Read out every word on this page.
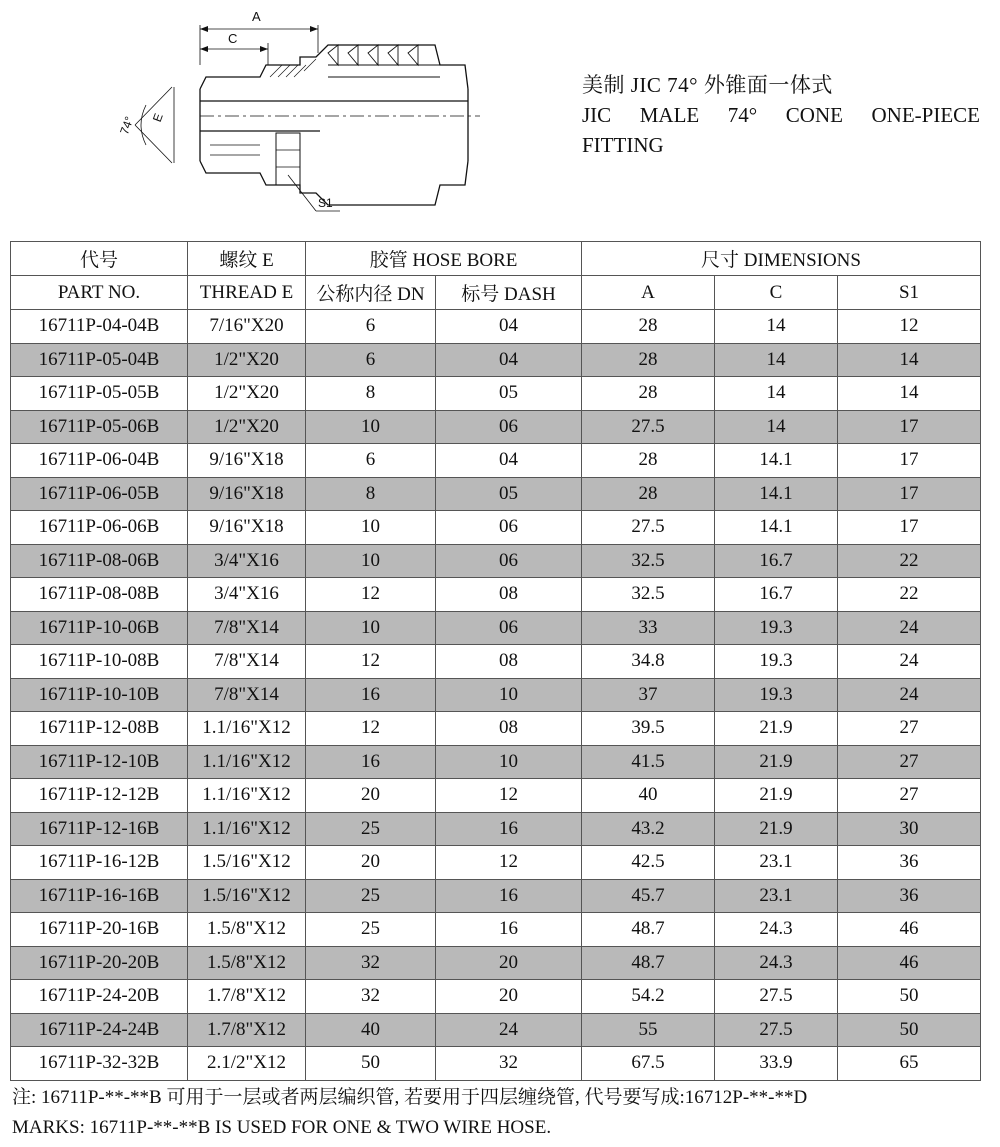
A
C
74° E
S1
美制 JIC 74° 外锥面一体式
JIC MALE 74° CONE ONE-PIECE
FITTING
代号	螺纹 E	胶管 HOSE BORE		尺寸 DIMENSIONS		
PART NO.	THREAD E	公称内径 DN	标号 DASH	A	C	S1
16711P-04-04B	7/16"X20	6	04	28	14	12
16711P-05-04B	1/2"X20	6	04	28	14	14
16711P-05-05B	1/2"X20	8	05	28	14	14
16711P-05-06B	1/2"X20	10	06	27.5	14	17
16711P-06-04B	9/16"X18	6	04	28	14.1	17
16711P-06-05B	9/16"X18	8	05	28	14.1	17
16711P-06-06B	9/16"X18	10	06	27.5	14.1	17
16711P-08-06B	3/4"X16	10	06	32.5	16.7	22
16711P-08-08B	3/4"X16	12	08	32.5	16.7	22
16711P-10-06B	7/8"X14	10	06	33	19.3	24
16711P-10-08B	7/8"X14	12	08	34.8	19.3	24
16711P-10-10B	7/8"X14	16	10	37	19.3	24
16711P-12-08B	1.1/16"X12	12	08	39.5	21.9	27
16711P-12-10B	1.1/16"X12	16	10	41.5	21.9	27
16711P-12-12B	1.1/16"X12	20	12	40	21.9	27
16711P-12-16B	1.1/16"X12	25	16	43.2	21.9	30
16711P-16-12B	1.5/16"X12	20	12	42.5	23.1	36
16711P-16-16B	1.5/16"X12	25	16	45.7	23.1	36
16711P-20-16B	1.5/8"X12	25	16	48.7	24.3	46
16711P-20-20B	1.5/8"X12	32	20	48.7	24.3	46
16711P-24-20B	1.7/8"X12	32	20	54.2	27.5	50
16711P-24-24B	1.7/8"X12	40	24	55	27.5	50
16711P-32-32B	2.1/2"X12	50	32	67.5	33.9	65
注: 16711P-**-**B 可用于一层或者两层编织管, 若要用于四层缠绕管, 代号要写成:16712P-**-**D
MARKS: 16711P-**-**B IS USED FOR ONE & TWO WIRE HOSE.
